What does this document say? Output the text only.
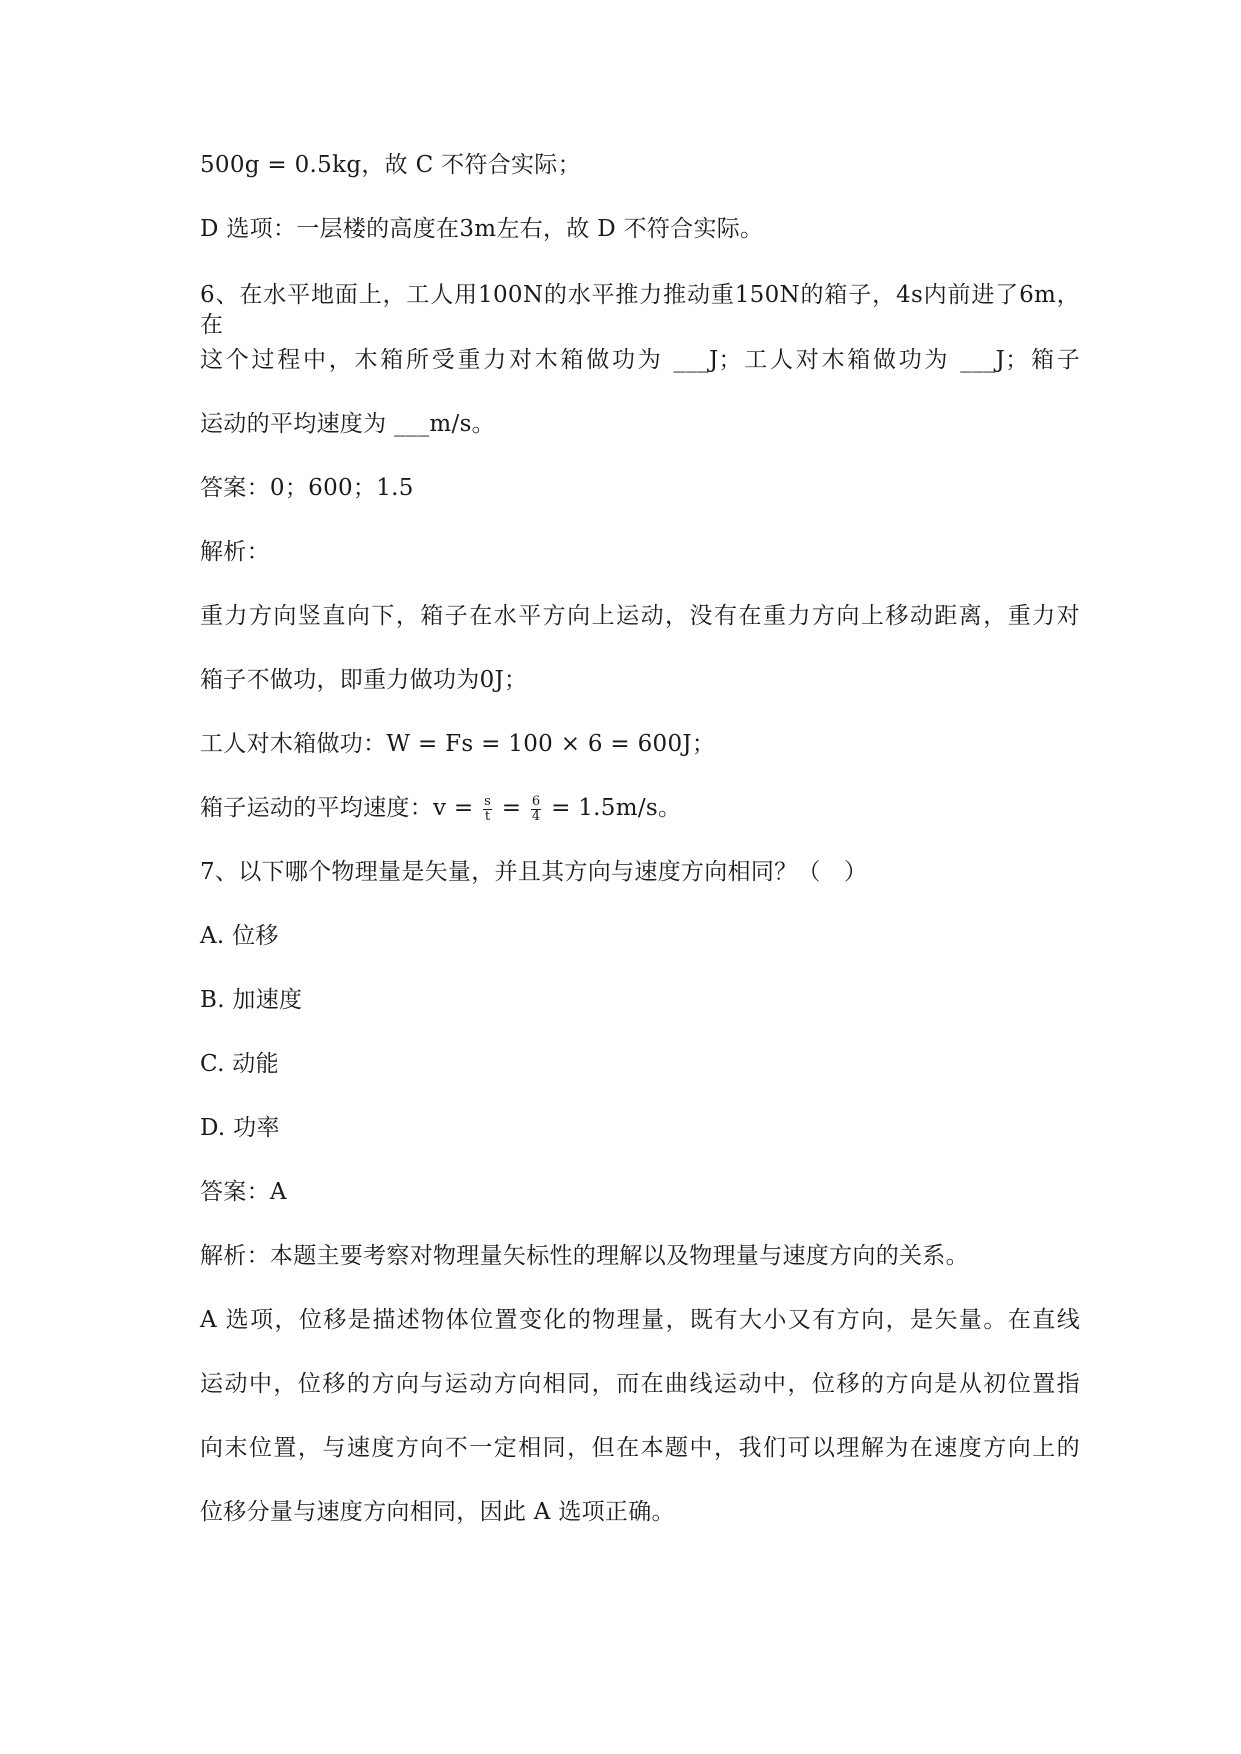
500g = 0.5kg，故 C 不符合实际；
D 选项：一层楼的高度在3m左右，故 D 不符合实际。
6、在水平地面上，工人用100N的水平推力推动重150N的箱子，4s内前进了6m，在
这个过程中，木箱所受重力对木箱做功为 ___J；工人对木箱做功为 ___J；箱子
运动的平均速度为 ___m/s。
答案：0；600；1.5
解析：
重力方向竖直向下，箱子在水平方向上运动，没有在重力方向上移动距离，重力对
箱子不做功，即重力做功为0J；
工人对木箱做功：W = Fs = 100 × 6 = 600J；
箱子运动的平均速度：$v = \frac{s}{t} = \frac{6}{4} = 1.5m/s$。
7、以下哪个物理量是矢量，并且其方向与速度方向相同？（　）
A. 位移
B. 加速度
C. 动能
D. 功率
答案：A
解析：本题主要考察对物理量矢标性的理解以及物理量与速度方向的关系。
A 选项，位移是描述物体位置变化的物理量，既有大小又有方向，是矢量。在直线
运动中，位移的方向与运动方向相同，而在曲线运动中，位移的方向是从初位置指
向末位置，与速度方向不一定相同，但在本题中，我们可以理解为在速度方向上的
位移分量与速度方向相同，因此 A 选项正确。
